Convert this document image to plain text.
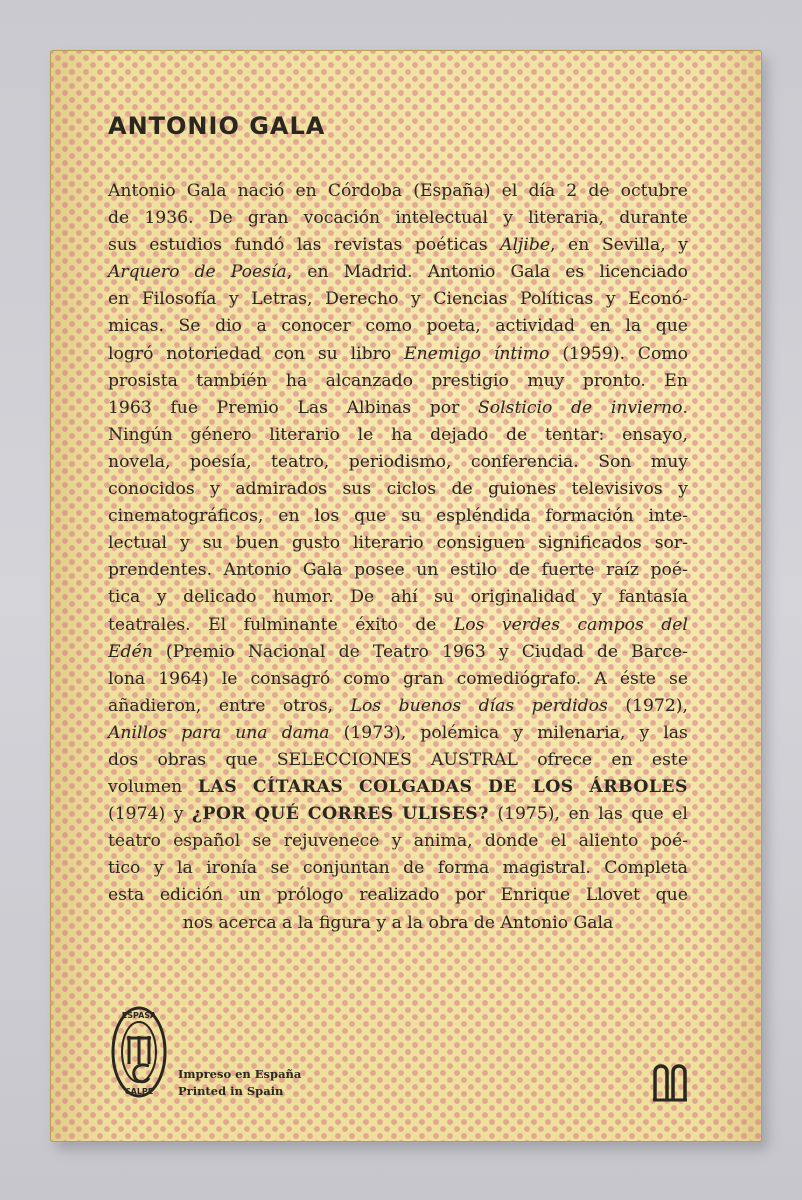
ANTONIO GALA
Antonio Gala nació en Córdoba (España) el día 2 de octubre
de 1936. De gran vocación intelectual y literaria, durante
sus estudios fundó las revistas poéticas Aljibe, en Sevilla, y
Arquero de Poesía, en Madrid. Antonio Gala es licenciado
en Filosofía y Letras, Derecho y Ciencias Políticas y Econó-
micas. Se dio a conocer como poeta, actividad en la que
logró notoriedad con su libro Enemigo íntimo (1959). Como
prosista también ha alcanzado prestigio muy pronto. En
1963 fue Premio Las Albinas por Solsticio de invierno.
Ningún género literario le ha dejado de tentar: ensayo,
novela, poesía, teatro, periodismo, conferencia. Son muy
conocidos y admirados sus ciclos de guiones televisivos y
cinematográficos, en los que su espléndida formación inte-
lectual y su buen gusto literario consiguen significados sor-
prendentes. Antonio Gala posee un estilo de fuerte raíz poé-
tica y delicado humor. De ahí su originalidad y fantasía
teatrales. El fulminante éxito de Los verdes campos del
Edén (Premio Nacional de Teatro 1963 y Ciudad de Barce-
lona 1964) le consagró como gran comediógrafo. A éste se
añadieron, entre otros, Los buenos días perdidos (1972),
Anillos para una dama (1973), polémica y milenaria, y las
dos obras que SELECCIONES AUSTRAL ofrece en este
volumen LAS CÍTARAS COLGADAS DE LOS ÁRBOLES
(1974) y ¿POR QUÉ CORRES ULISES? (1975), en las que el
teatro español se rejuvenece y anima, donde el aliento poé-
tico y la ironía se conjuntan de forma magistral. Completa
esta edición un prólogo realizado por Enrique Llovet que
nos acerca a la figura y a la obra de Antonio Gala
ESPASA
CALPE
Impreso en España
Printed in Spain
